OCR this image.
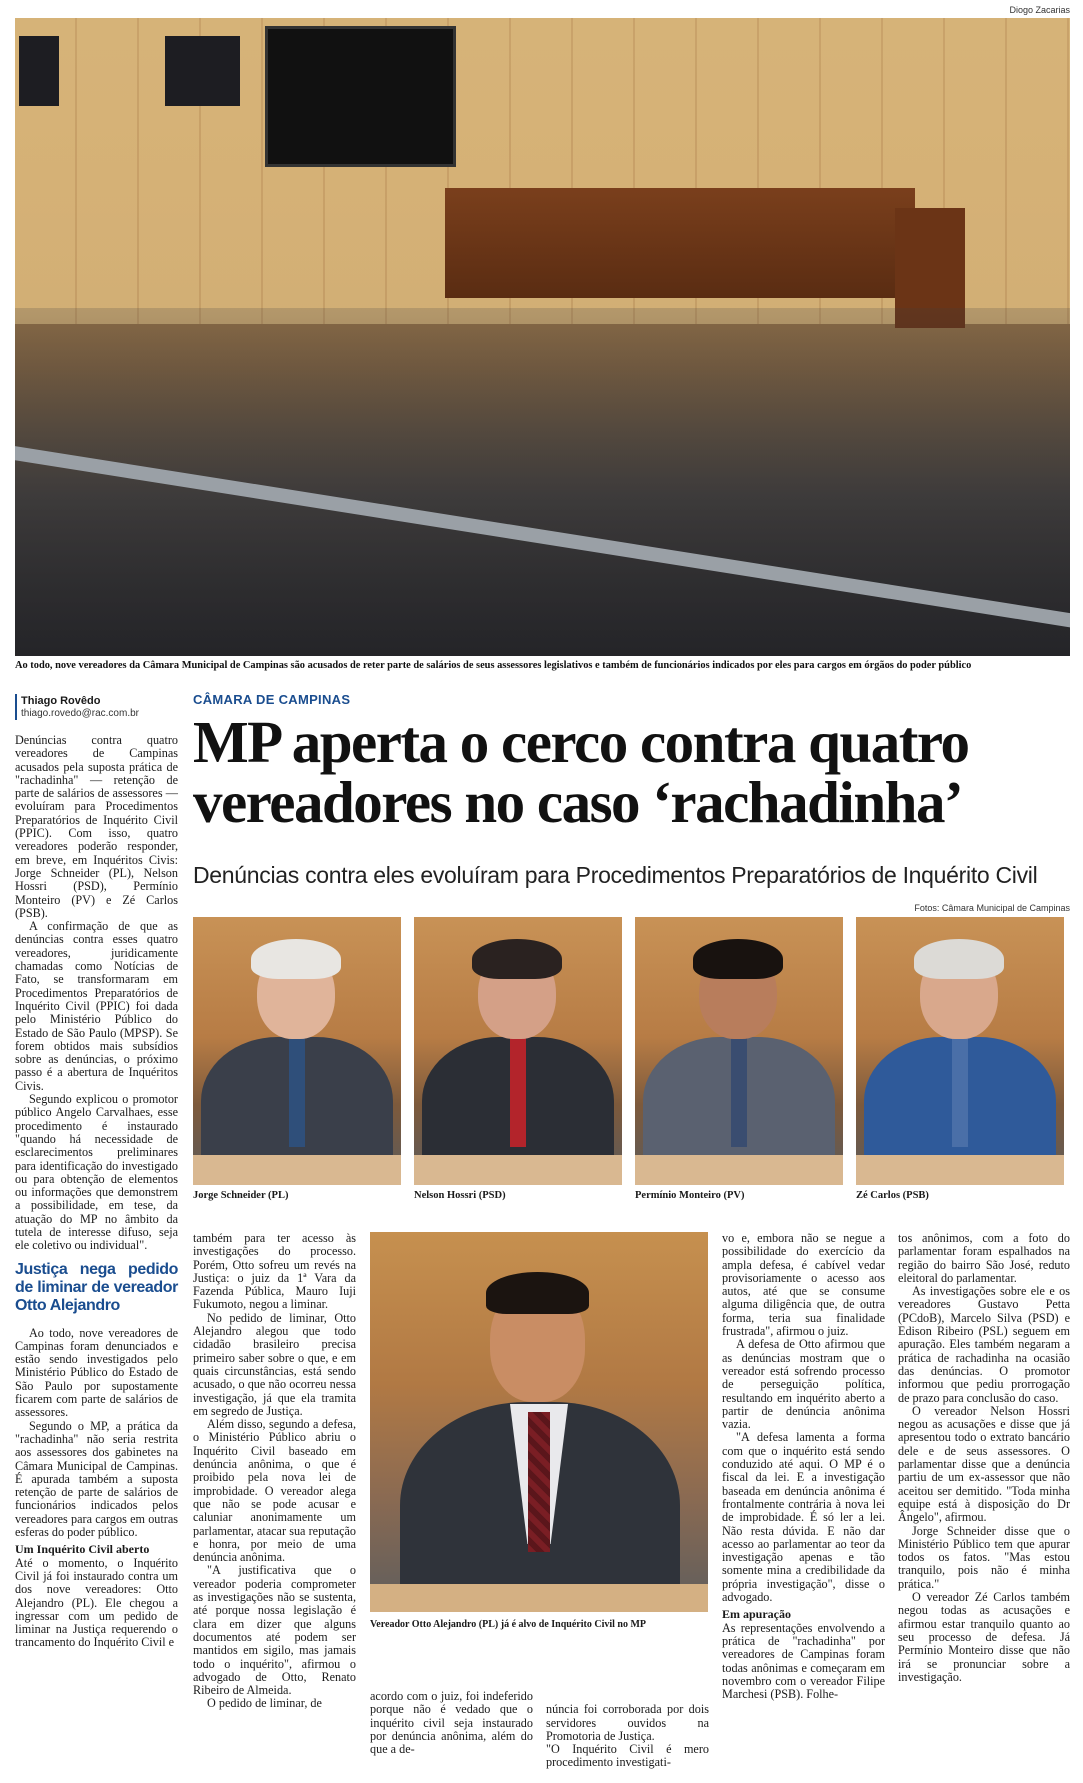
Diogo Zacarias
Ao todo, nove vereadores da Câmara Municipal de Campinas são acusados de reter parte de salários de seus assessores legislativos e também de funcionários indicados por eles para cargos em órgãos do poder público
Thiago Rovêdo
thiago.rovedo@rac.com.br
CÂMARA DE CAMPINAS
MP aperta o cerco contra quatro vereadores no caso ‘rachadinha’
Denúncias contra eles evoluíram para Procedimentos Preparatórios de Inquérito Civil
Fotos: Câmara Municipal de Campinas
Jorge Schneider (PL)	Nelson Hossri (PSD)	Permínio Monteiro (PV)	Zé Carlos (PSB)
Vereador Otto Alejandro (PL) já é alvo de Inquérito Civil no MP

Denúncias contra quatro vereadores de Campinas acusados pela suposta prática de "rachadinha" — retenção de parte de salários de assessores — evoluíram para Procedimentos Preparatórios de Inquérito Civil (PPIC). Com isso, quatro vereadores poderão responder, em breve, em Inquéritos Civis: Jorge Schneider (PL), Nelson Hossri (PSD), Permínio Monteiro (PV) e Zé Carlos (PSB).

A confirmação de que as denúncias contra esses quatro vereadores, juridicamente chamadas como Notícias de Fato, se transformaram em Procedimentos Preparatórios de Inquérito Civil (PPIC) foi dada pelo Ministério Público do Estado de São Paulo (MPSP). Se forem obtidos mais subsídios sobre as denúncias, o próximo passo é a abertura de Inquéritos Civis.

Segundo explicou o promotor público Angelo Carvalhaes, esse procedimento é instaurado "quando há necessidade de esclarecimentos preliminares para identificação do investigado ou para obtenção de elementos ou informações que demonstrem a possibilidade, em tese, da atuação do MP no âmbito da tutela de interesse difuso, seja ele coletivo ou individual".

Justiça nega pedido de liminar de vereador Otto Alejandro

Ao todo, nove vereadores de Campinas foram denunciados e estão sendo investigados pelo Ministério Público do Estado de São Paulo por supostamente ficarem com parte de salários de assessores.

Segundo o MP, a prática da "rachadinha" não seria restrita aos assessores dos gabinetes na Câmara Municipal de Campinas. É apurada também a suposta retenção de parte de salários de funcionários indicados pelos vereadores para cargos em outras esferas do poder público.

Um Inquérito Civil aberto

Até o momento, o Inquérito Civil já foi instaurado contra um dos nove vereadores: Otto Alejandro (PL). Ele chegou a ingressar com um pedido de liminar na Justiça requerendo o trancamento do Inquérito Civil e

também para ter acesso às investigações do processo. Porém, Otto sofreu um revés na Justiça: o juiz da 1ª Vara da Fazenda Pública, Mauro Iuji Fukumoto, negou a liminar.

No pedido de liminar, Otto Alejandro alegou que todo cidadão brasileiro precisa primeiro saber sobre o que, e em quais circunstâncias, está sendo acusado, o que não ocorreu nessa investigação, já que ela tramita em segredo de Justiça.

Além disso, segundo a defesa, o Ministério Público abriu o Inquérito Civil baseado em denúncia anônima, o que é proibido pela nova lei de improbidade. O vereador alega que não se pode acusar e caluniar anonimamente um parlamentar, atacar sua reputação e honra, por meio de uma denúncia anônima.

"A justificativa que o vereador poderia comprometer as investigações não se sustenta, até porque nossa legislação é clara em dizer que alguns documentos até podem ser mantidos em sigilo, mas jamais todo o inquérito", afirmou o advogado de Otto, Renato Ribeiro de Almeida.

O pedido de liminar, de

acordo com o juiz, foi indeferido porque não é vedado que o inquérito civil seja instaurado por denúncia anônima, além do que a de-

núncia foi corroborada por dois servidores ouvidos na Promotoria de Justiça.
"O Inquérito Civil é mero procedimento investigati-

vo e, embora não se negue a possibilidade do exercício da ampla defesa, é cabível vedar provisoriamente o acesso aos autos, até que se consume alguma diligência que, de outra forma, teria sua finalidade frustrada", afirmou o juiz.

A defesa de Otto afirmou que as denúncias mostram que o vereador está sofrendo processo de perseguição política, resultando em inquérito aberto a partir de denúncia anônima vazia.

"A defesa lamenta a forma com que o inquérito está sendo conduzido até aqui. O MP é o fiscal da lei. E a investigação baseada em denúncia anônima é frontalmente contrária à nova lei de improbidade. É só ler a lei. Não resta dúvida. E não dar acesso ao parlamentar ao teor da investigação apenas e tão somente mina a credibilidade da própria investigação", disse o advogado.

Em apuração

As representações envolvendo a prática de "rachadinha" por vereadores de Campinas foram todas anônimas e começaram em novembro com o vereador Filipe Marchesi (PSB). Folhe-

tos anônimos, com a foto do parlamentar foram espalhados na região do bairro São José, reduto eleitoral do parlamentar.

As investigações sobre ele e os vereadores Gustavo Petta (PCdoB), Marcelo Silva (PSD) e Edison Ribeiro (PSL) seguem em apuração. Eles também negaram a prática de rachadinha na ocasião das denúncias. O promotor informou que pediu prorrogação de prazo para conclusão do caso.

O vereador Nelson Hossri negou as acusações e disse que já apresentou todo o extrato bancário dele e de seus assessores. O parlamentar disse que a denúncia partiu de um ex-assessor que não aceitou ser demitido. "Toda minha equipe está à disposição do Dr Ângelo", afirmou.

Jorge Schneider disse que o Ministério Público tem que apurar todos os fatos. "Mas estou tranquilo, pois não é minha prática."

O vereador Zé Carlos também negou todas as acusações e afirmou estar tranquilo quanto ao seu processo de defesa. Já Permínio Monteiro disse que não irá se pronunciar sobre a investigação.
